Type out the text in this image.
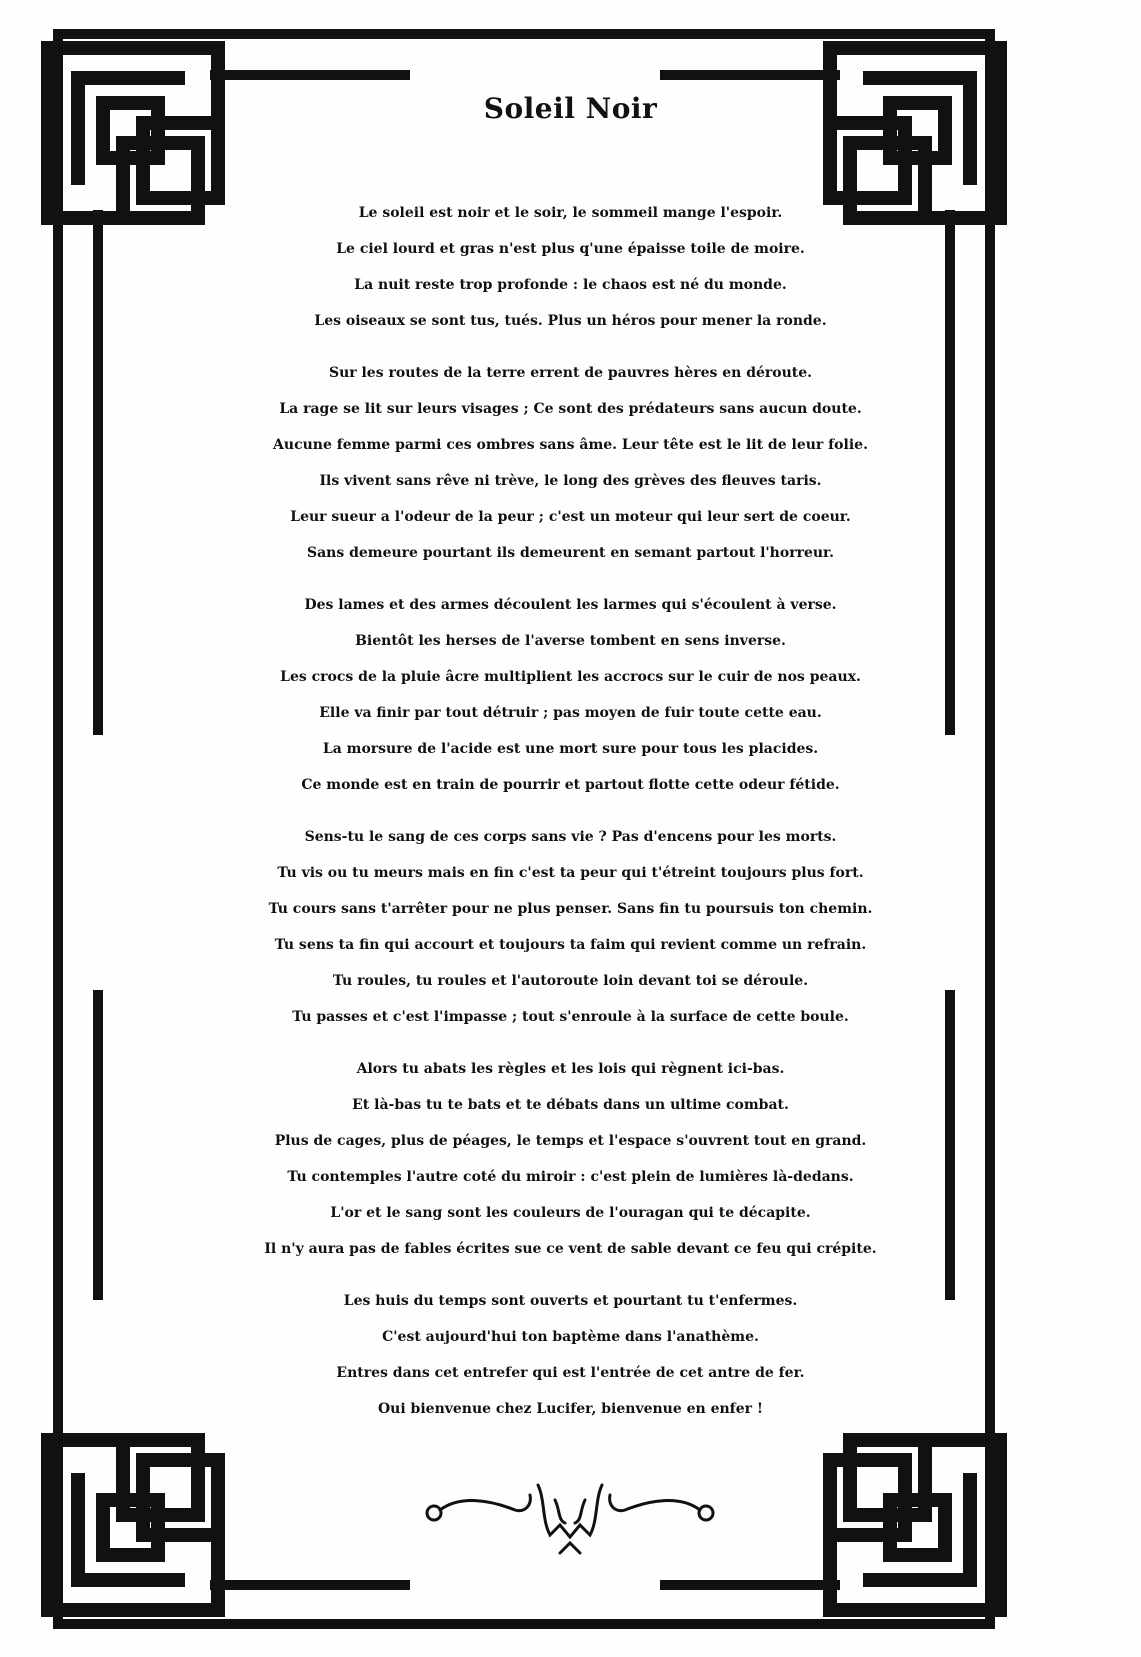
Soleil Noir
Le soleil est noir et le soir, le sommeil mange l'espoir.
Le ciel lourd et gras n'est plus q'une épaisse toile de moire.
La nuit reste trop profonde : le chaos est né du monde.
Les oiseaux se sont tus, tués. Plus un héros pour mener la ronde.
Sur les routes de la terre errent de pauvres hères en déroute.
La rage se lit sur leurs visages ; Ce sont des prédateurs sans aucun doute.
Aucune femme parmi ces ombres sans âme. Leur tête est le lit de leur folie.
Ils vivent sans rêve ni trève, le long des grèves des fleuves taris.
Leur sueur a l'odeur de la peur ; c'est un moteur qui leur sert de coeur.
Sans demeure pourtant ils demeurent en semant partout l'horreur.
Des lames et des armes découlent les larmes qui s'écoulent à verse.
Bientôt les herses de l'averse tombent en sens inverse.
Les crocs de la pluie âcre multiplient les accrocs sur le cuir de nos peaux.
Elle va finir par tout détruir ; pas moyen de fuir toute cette eau.
La morsure de l'acide est une mort sure pour tous les placides.
Ce monde est en train de pourrir et partout flotte cette odeur fétide.
Sens-tu le sang de ces corps sans vie ? Pas d'encens pour les morts.
Tu vis ou tu meurs mais en fin c'est ta peur qui t'étreint toujours plus fort.
Tu cours sans t'arrêter pour ne plus penser. Sans fin tu poursuis ton chemin.
Tu sens ta fin qui accourt et toujours ta faim qui revient comme un refrain.
Tu roules, tu roules et l'autoroute loin devant toi se déroule.
Tu passes et c'est l'impasse ; tout s'enroule à la surface de cette boule.
Alors tu abats les règles et les lois qui règnent ici-bas.
Et là-bas tu te bats et te débats dans un ultime combat.
Plus de cages, plus de péages, le temps et l'espace s'ouvrent tout en grand.
Tu contemples l'autre coté du miroir : c'est plein de lumières là-dedans.
L'or et le sang sont les couleurs de l'ouragan qui te décapite.
Il n'y aura pas de fables écrites sue ce vent de sable devant ce feu qui crépite.
Les huis du temps sont ouverts et pourtant tu t'enfermes.
C'est aujourd'hui ton baptème dans l'anathème.
Entres dans cet entrefer qui est l'entrée de cet antre de fer.
Oui bienvenue chez Lucifer, bienvenue en enfer !
